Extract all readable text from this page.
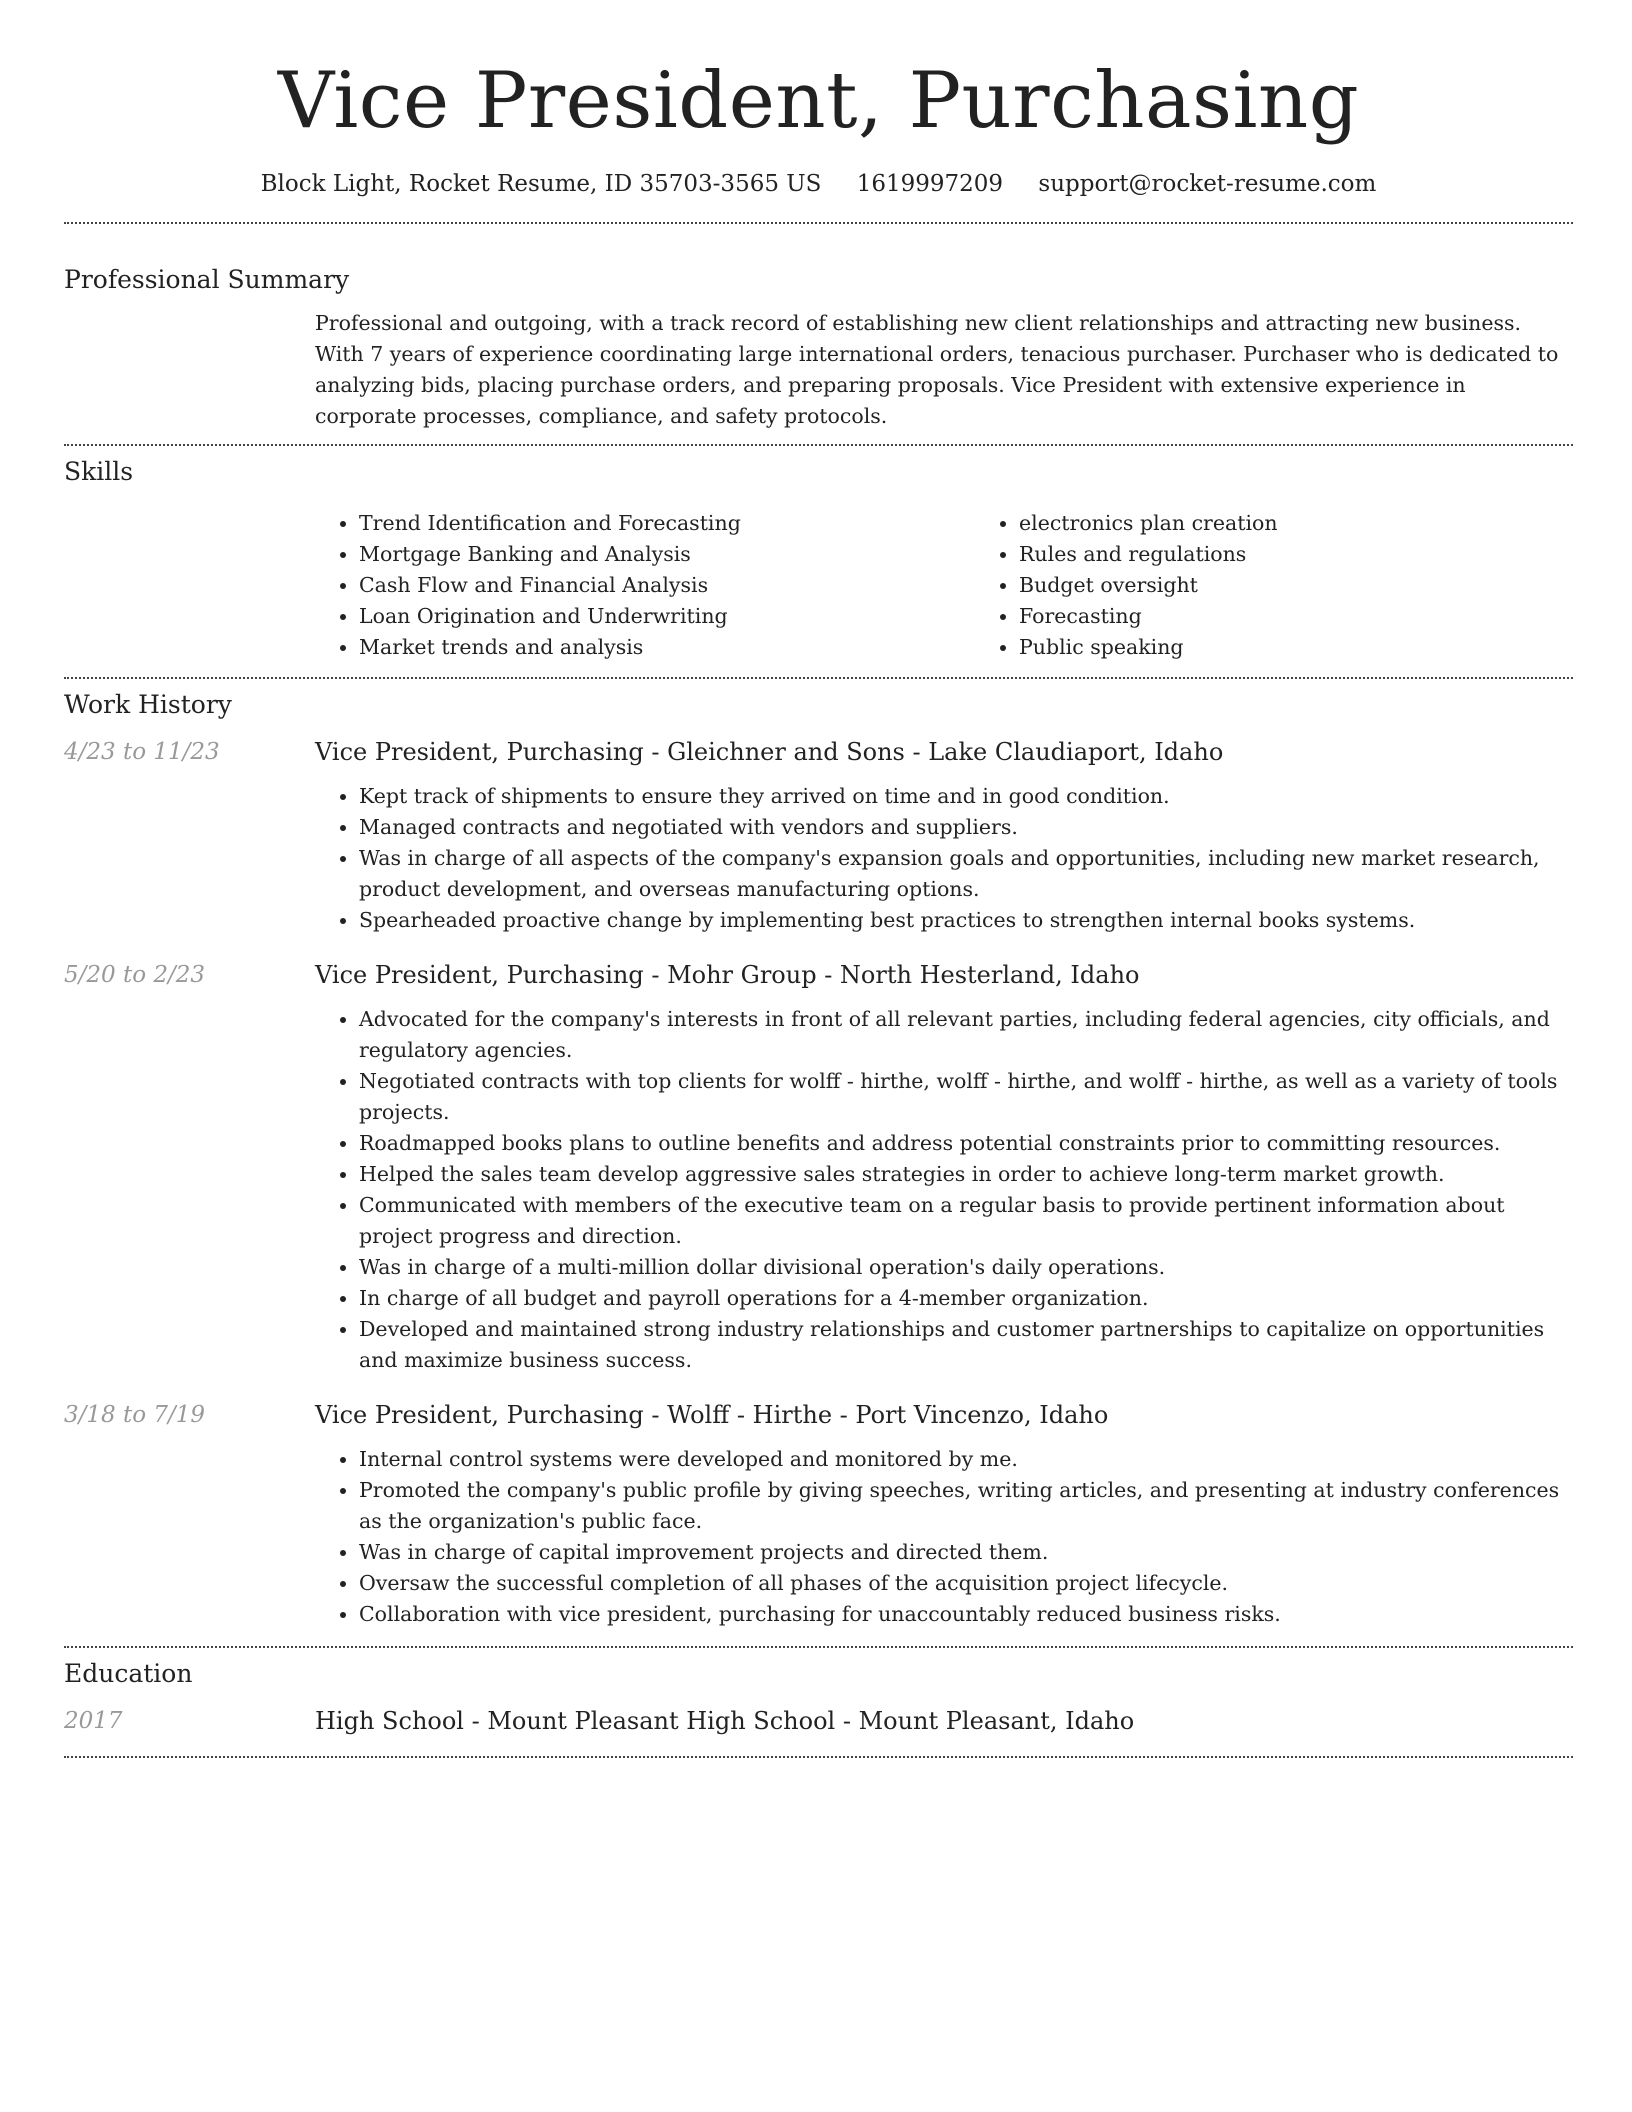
Vice President, Purchasing
Block Light, Rocket Resume, ID 35703-3565 US 1619997209 support@rocket-resume.com
Professional Summary

Professional and outgoing, with a track record of establishing new client relationships and attracting new business. With 7 years of experience coordinating large international orders, tenacious purchaser. Purchaser who is dedicated to analyzing bids, placing purchase orders, and preparing proposals. Vice President with extensive experience in corporate processes, compliance, and safety protocols.

Skills
• Trend Identification and Forecasting
• Mortgage Banking and Analysis
• Cash Flow and Financial Analysis
• Loan Origination and Underwriting
• Market trends and analysis
• electronics plan creation
• Rules and regulations
• Budget oversight
• Forecasting
• Public speaking
Work History
4/23 to 11/23	Vice President, Purchasing - Gleichner and Sons - Lake Claudiaport, Idaho
• Kept track of shipments to ensure they arrived on time and in good condition.
• Managed contracts and negotiated with vendors and suppliers.
• Was in charge of all aspects of the company's expansion goals and opportunities, including new market research, product development, and overseas manufacturing options.
• Spearheaded proactive change by implementing best practices to strengthen internal books systems.
5/20 to 2/23	Vice President, Purchasing - Mohr Group - North Hesterland, Idaho
• Advocated for the company's interests in front of all relevant parties, including federal agencies, city officials, and regulatory agencies.
• Negotiated contracts with top clients for wolff - hirthe, wolff - hirthe, and wolff - hirthe, as well as a variety of tools projects.
• Roadmapped books plans to outline benefits and address potential constraints prior to committing resources.
• Helped the sales team develop aggressive sales strategies in order to achieve long-term market growth.
• Communicated with members of the executive team on a regular basis to provide pertinent information about project progress and direction.
• Was in charge of a multi-million dollar divisional operation's daily operations.
• In charge of all budget and payroll operations for a 4-member organization.
• Developed and maintained strong industry relationships and customer partnerships to capitalize on opportunities and maximize business success.
3/18 to 7/19	Vice President, Purchasing - Wolff - Hirthe - Port Vincenzo, Idaho
• Internal control systems were developed and monitored by me.
• Promoted the company's public profile by giving speeches, writing articles, and presenting at industry conferences as the organization's public face.
• Was in charge of capital improvement projects and directed them.
• Oversaw the successful completion of all phases of the acquisition project lifecycle.
• Collaboration with vice president, purchasing for unaccountably reduced business risks.
Education
2017	High School - Mount Pleasant High School - Mount Pleasant, Idaho
